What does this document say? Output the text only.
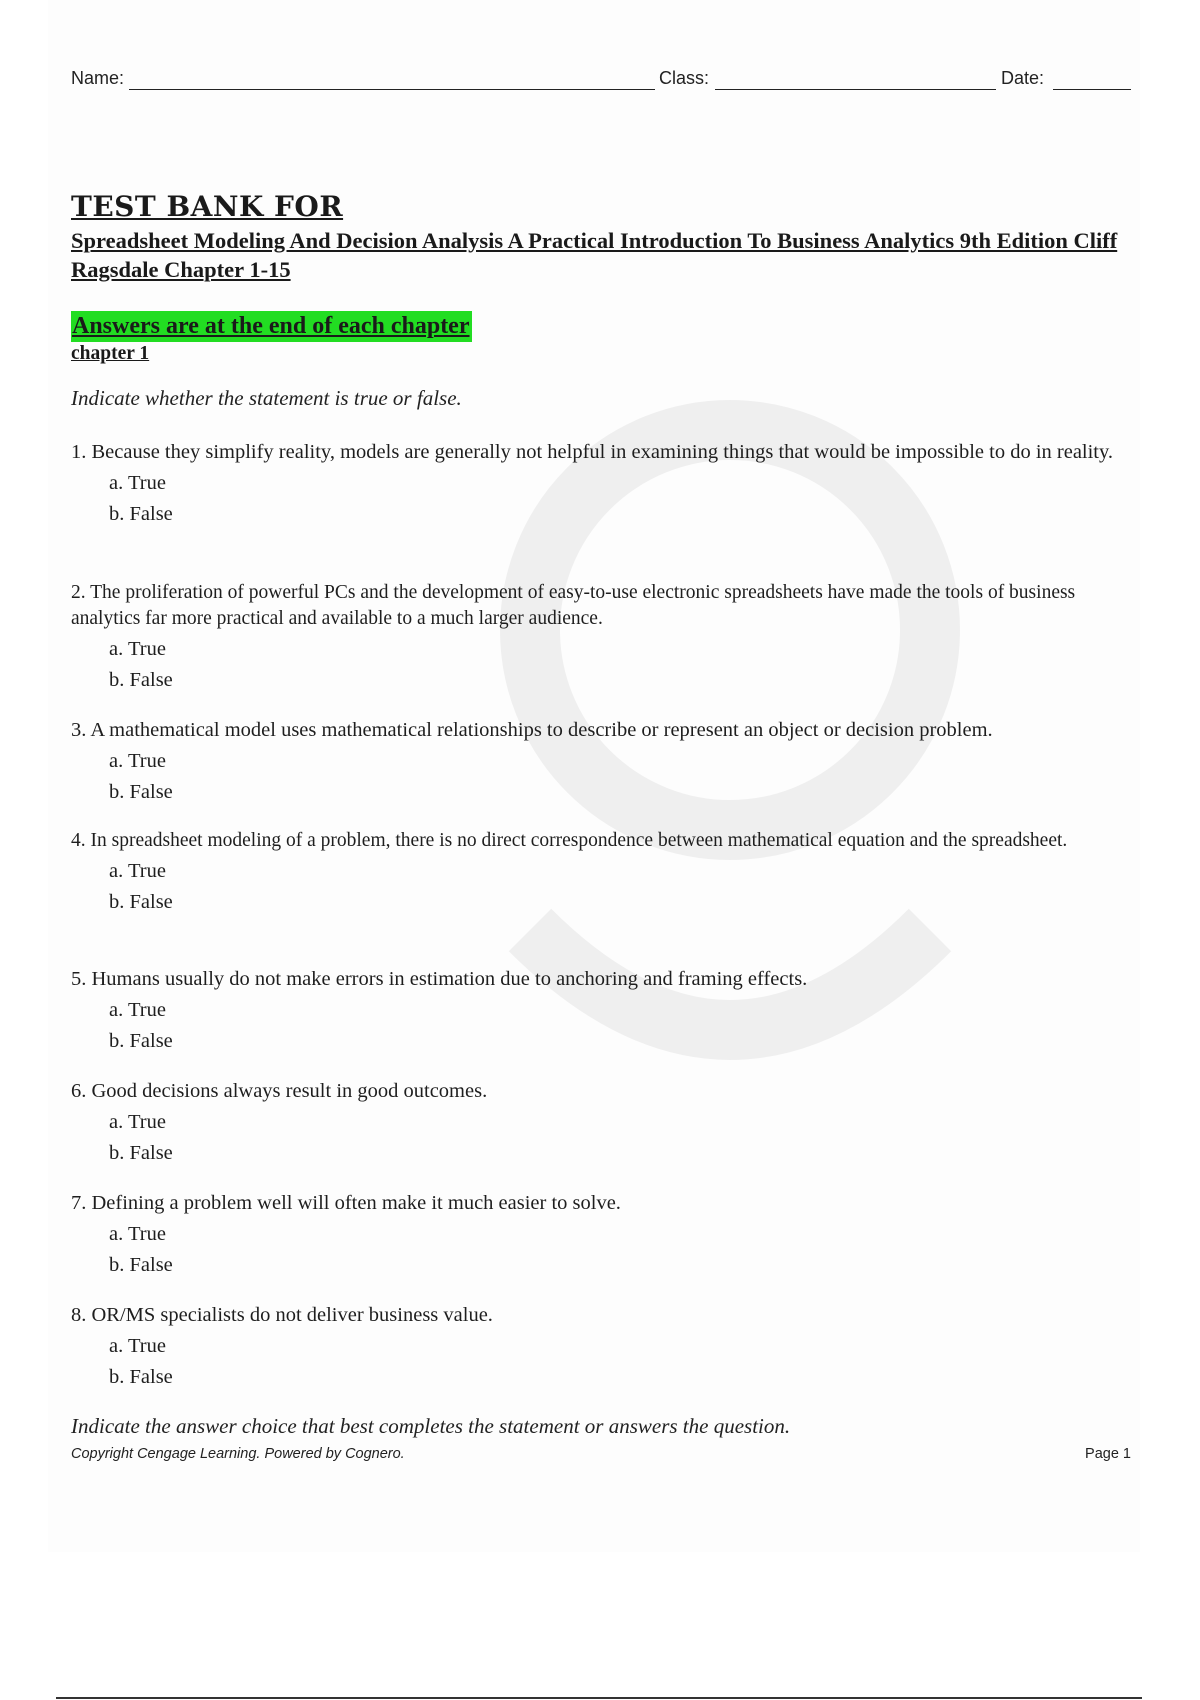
Name:	Class:	Date:

TEST BANK FOR

Spreadsheet Modeling And Decision Analysis A Practical Introduction To Business Analytics 9th Edition Cliff Ragsdale Chapter 1-15

Answers are at the end of each chapter
chapter 1
Indicate whether the statement is true or false.

1. Because they simplify reality, models are generally not helpful in examining things that would be impossible to do in reality.

a. True
b. False

2. The proliferation of powerful PCs and the development of easy-to-use electronic spreadsheets have made the tools of business analytics far more practical and available to a much larger audience.

a. True
b. False

3. A mathematical model uses mathematical relationships to describe or represent an object or decision problem.

a. True
b. False

4. In spreadsheet modeling of a problem, there is no direct correspondence between mathematical equation and the spreadsheet.

a. True
b. False

5. Humans usually do not make errors in estimation due to anchoring and framing effects.

a. True
b. False

6. Good decisions always result in good outcomes.

a. True
b. False

7. Defining a problem well will often make it much easier to solve.

a. True
b. False

8. OR/MS specialists do not deliver business value.

a. True
b. False
Indicate the answer choice that best completes the statement or answers the question.
Copyright Cengage Learning. Powered by Cognero.	Page 1
